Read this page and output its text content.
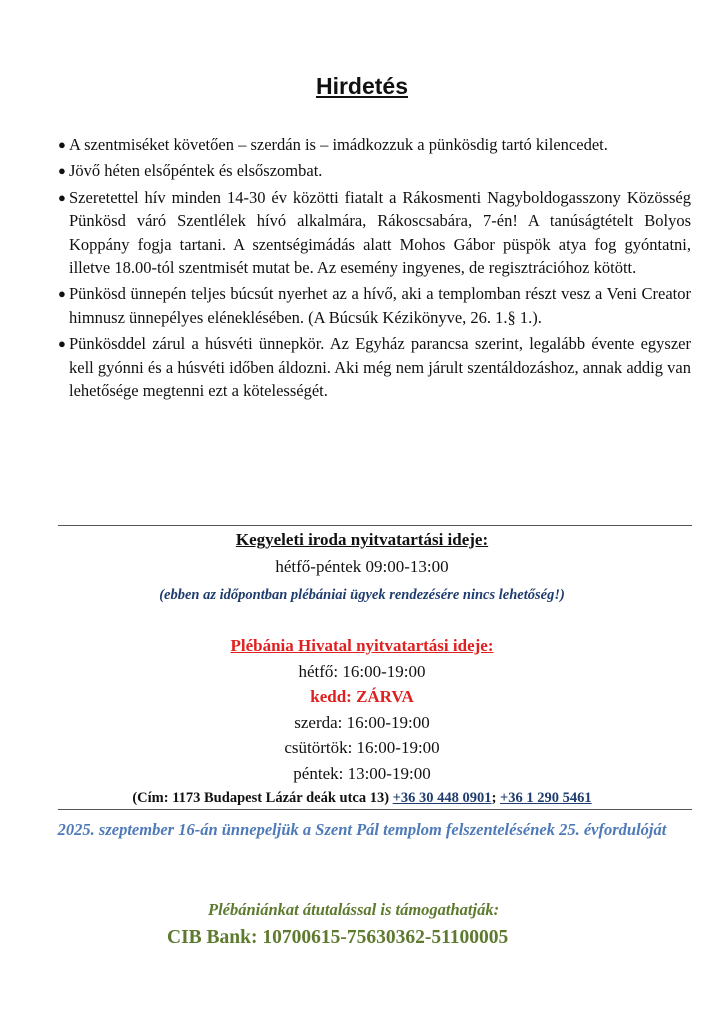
Hirdetés
● A szentmiséket követően – szerdán is – imádkozzuk a pünkösdig tartó kilencedet.
● Jövő héten elsőpéntek és elsőszombat.
● Szeretettel hív minden 14-30 év közötti fiatalt a Rákosmenti Nagyboldogasszony Közösség Pünkösd váró Szentlélek hívó alkalmára, Rákoscsabára, 7-én! A tanúságtételt Bolyos Koppány fogja tartani. A szentségimádás alatt Mohos Gábor püspök atya fog gyóntatni, illetve 18.00-tól szentmisét mutat be. Az esemény ingyenes, de regisztrációhoz kötött.
● Pünkösd ünnepén teljes búcsút nyerhet az a hívő, aki a templomban részt vesz a Veni Creator himnusz ünnepélyes eléneklésében. (A Búcsúk Kézikönyve, 26. 1.§ 1.).
● Pünkösddel zárul a húsvéti ünnepkör. Az Egyház parancsa szerint, legalább évente egyszer kell gyónni és a húsvéti időben áldozni. Aki még nem járult szentáldozáshoz, annak addig van lehetősége megtenni ezt a kötelességét.
Kegyeleti iroda nyitvatartási ideje:
hétfő-péntek 09:00-13:00
(ebben az időpontban plébániai ügyek rendezésére nincs lehetőség!)
Plébánia Hivatal nyitvatartási ideje:
hétfő: 16:00-19:00
kedd: ZÁRVA
szerda: 16:00-19:00
csütörtök: 16:00-19:00
péntek: 13:00-19:00
(Cím: 1173 Budapest Lázár deák utca 13) +36 30 448 0901; +36 1 290 5461
2025. szeptember 16-án ünnepeljük a Szent Pál templom felszentelésének 25. évfordulóját
Plébániánkat átutalással is támogathatják:
CIB Bank: 10700615-75630362-51100005
